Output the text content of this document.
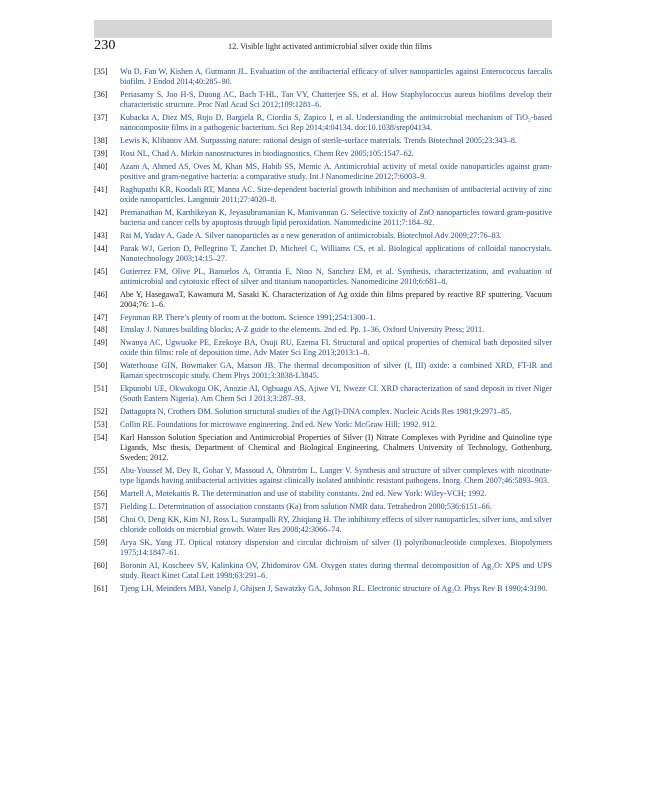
230	12. Visible light activated antimicrobial silver oxide thin films
[35] Wu D, Fan W, Kishen A, Gutmann JL. Evaluation of the antibacterial efficacy of silver nanoparticles against Enterococcus faecalis biofilm. J Endod 2014;40:285–90.
[36] Periasamy S, Joo H-S, Duong AC, Bach T-HL, Tan VY, Chatterjee SS, et al. How Staphylococcus aureus biofilms develop their characteristic structure. Proc Natl Acad Sci 2012;109:1281–6.
[37] Kubacka A, Diez MS, Rojo D, Bargiela R, Ciordia S, Zapico I, et al. Understanding the antimicrobial mechanism of TiO₂-based nanocomposite films in a pathogenic bacterium. Sci Rep 2014;4:04134. doi:10.1038/srep04134.
[38] Lewis K, Klibanov AM. Surpassing nature: rational design of sterile-surface materials. Trends Biotechnol 2005;23:343–8.
[39] Rosi NL, Chad A. Mirkin nanostructures in biodiagnostics. Chem Rev 2005;105:1547–62.
[40] Azam A, Ahmed AS, Oves M, Khan MS, Habib SS, Memic A. Antimicrobial activity of metal oxide nanoparticles against gram-positive and gram-negative bacteria: a comparative study. Int J Nanomedicine 2012;7:6003–9.
[41] Raghupathi KR, Koodali RT, Manna AC. Size-dependent bacterial growth inhibition and mechanism of antibacterial activity of zinc oxide nanoparticles. Langmuir 2011;27:4020–8.
[42] Premanathan M, Karthikeyan K, Jeyasubramanian K, Manivannan G. Selective toxicity of ZnO nanoparticles toward gram-positive bacteria and cancer cells by apoptosis through lipid peroxidation. Nanomedicine 2011;7:184–92.
[43] Rai M, Yadav A, Gade A. Silver nanoparticles as a new generation of antimicrobials. Biotechnol Adv 2009;27:76–83.
[44] Parak WJ, Gerion D, Pellegrino T, Zanchet D, Micheel C, Williams CS, et al. Biological applications of colloidal nanocrystals. Nanotechnology 2003;14:15–27.
[45] Gutierrez FM, Olive PL, Banuelos A, Orrantia E, Nino N, Sanchez EM, et al. Synthesis, characterization, and evaluation of antimicrobial and cytotoxic effect of silver and titanium nanoparticles. Nanomedicine 2010;6:681–8.
[46] Abe Y, HasegawaT, Kawamura M, Sasaki K. Characterization of Ag oxide thin films prepared by reactive RF sputtering. Vacuum 2004;76: 1–6.
[47] Feynman RP. There’s plenty of room at the bottom. Science 1991;254:1300–1.
[48] Emslay J. Natures building blocks; A-Z guide to the elements. 2nd ed. Pp. 1–36, Oxford University Press; 2011.
[49] Nwanya AC, Ugwuoke PE, Ezekoye BA, Osuji RU, Ezema FI. Structural and optical properties of chemical bath deposited silver oxide thin films: role of deposition time. Adv Mater Sci Eng 2013;2013:1–8.
[50] Waterhouse GIN, Bowmaker GA, Matson JB. The thermal decomposition of silver (I, III) oxide: a combined XRD, FT-IR and Raman spectroscopic study. Chem Phys 2001;3:3838-L3845.
[51] Ekpunobi UE, Okwukogu OK, Anozie AI, Ogbuagu AS, Ajiwe VI, Nweze CI. XRD characterization of sand deposit in river Niger (South Eastern Nigeria). Am Chem Sci J 2013;3:287–93.
[52] Dattagupta N, Crothers DM. Solution structural studies of the Ag(I)-DNA complex. Nucleic Acids Res 1981;9:2971–85.
[53] Collin RE. Foundations for microwave engineering. 2nd ed. New York: McGraw Hill; 1992. 912.
[54] Karl Hansson Solution Speciation and Antimicrobial Properties of Silver (I) Nitrate Complexes with Pyridine and Quinoline type Ligands, Msc thesis, Department of Chemical and Biological Engineering, Chalmers University of Technology, Gothenburg, Sweden; 2012.
[55] Abu-Youssef M, Dey R, Gohar Y, Massoud A, Öhrström L, Langer V. Synthesis and structure of silver complexes with nicotinate-type ligands having antibacterial activities against clinically isolated antibiotic resistant pathogens. Inorg. Chem 2007;46:5893–903.
[56] Martell A, Motekaitis R. The determination and use of stability constants. 2nd ed. New York: Wiley-VCH; 1992.
[57] Fielding L. Determination of association constants (Ka) from solution NMR data. Tetrahedron 2000;536:6151–66.
[58] Choi O, Deng KK, Kim NJ, Ross L, Surampalli RY, Zhiqiang H. The inhibitory effects of silver nanoparticles, silver ions, and silver chloride colloids on microbial growth. Water Res 2008;42:3066–74.
[59] Arya SK, Yang JT. Optical rotatory dispersion and circular dichroism of silver (I) polyribonucleotide complexes. Biopolymers 1975;14:1847–61.
[60] Boronin AI, Koscheev SV, Kalinkina OV, Zhidomirov GM. Oxygen states during thermal decomposition of Ag₂O: XPS and UPS study. React Kinet Catal Lett 1998;63:291–6.
[61] Tjeng LH, Meinders MBJ, Vanelp J, Ghijsen J, Sawatzky GA, Johnson RL. Electronic structure of Ag₂O. Phys Rev B 1990;4:3190.
